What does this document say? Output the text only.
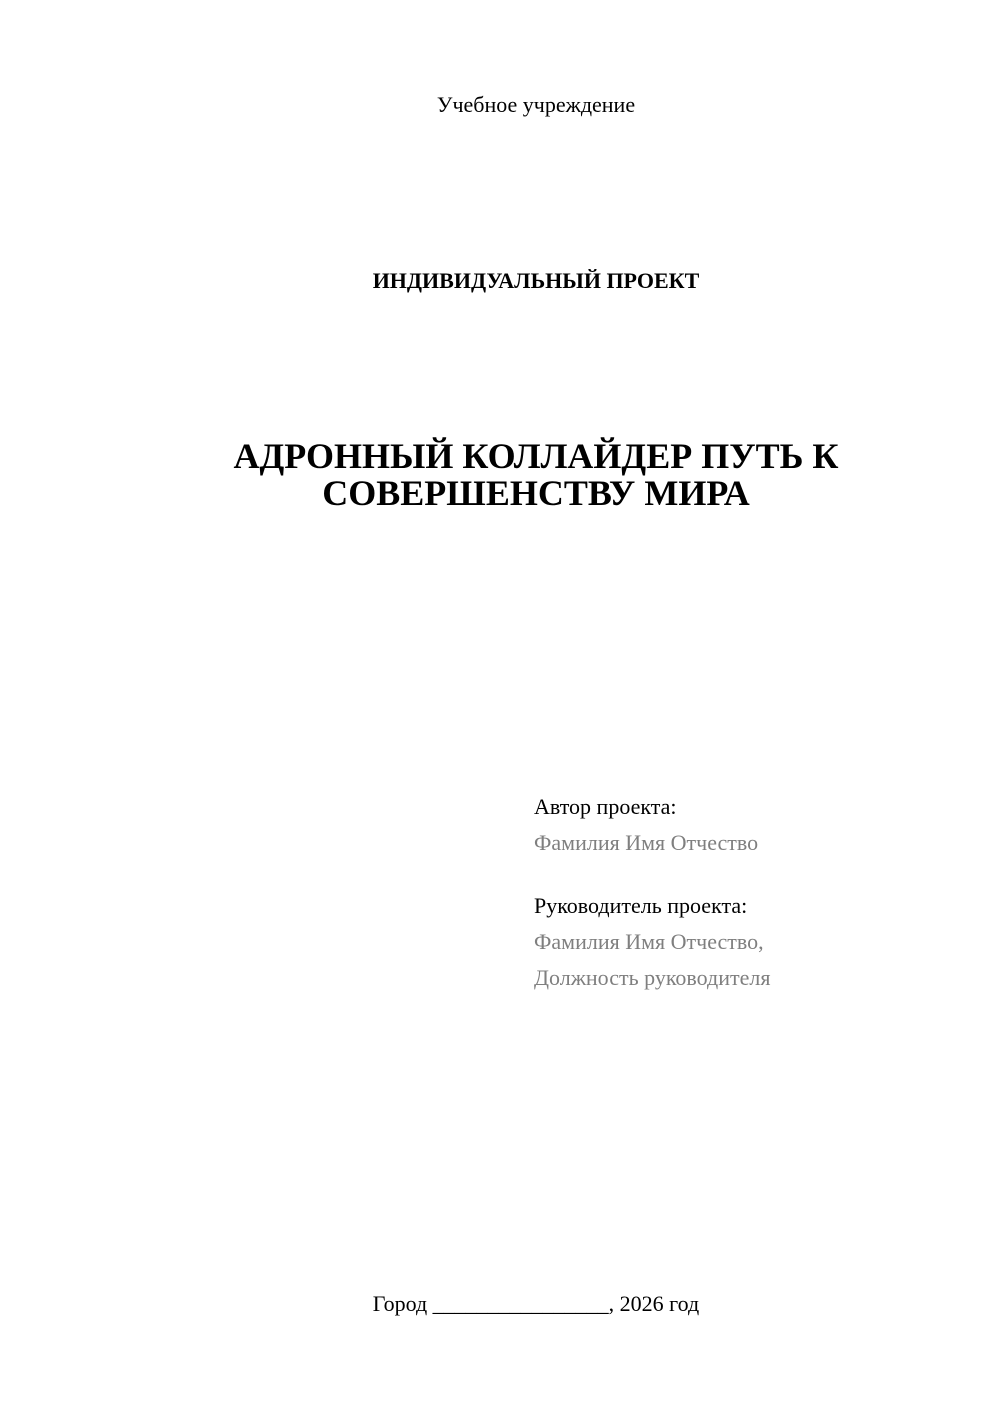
Учебное учреждение
ИНДИВИДУАЛЬНЫЙ ПРОЕКТ
АДРОННЫЙ КОЛЛАЙДЕР ПУТЬ К
СОВЕРШЕНСТВУ МИРА
Автор проекта:
Фамилия Имя Отчество
Руководитель проекта:
Фамилия Имя Отчество,
Должность руководителя
Город ________________, 2026 год
